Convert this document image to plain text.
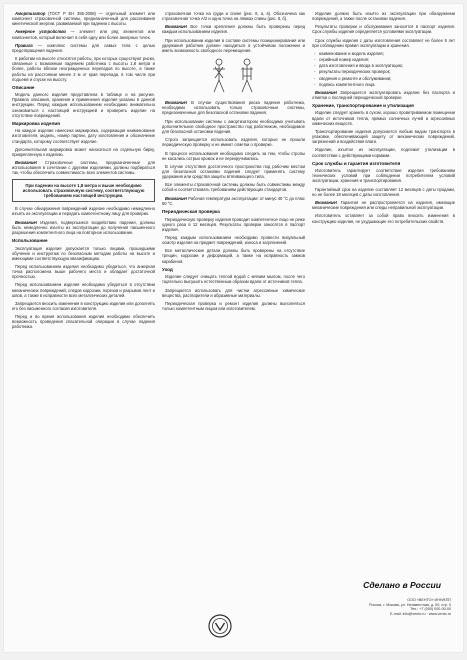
Амортизатор (ГОСТ Р ЕН 355-2008) — отдельный элемент или компонент страховочной системы, предназначенный для рассеивания кинетической энергии, развиваемой при падении с высоты.

Анкерное устройство — элемент или ряд элементов или компонентов, который включает в себя одну или более анкерных точек.

Правила — комплекс системы для самых тела с целью предотвращения падения.

К работам на высоте относятся работы, при которых существуют риски, связанные с возможным падением работника с высоты 1,8 метра и более, работы вблизи неогражденных перепадов по высоте, а также работы на расстоянии менее 2 м от края перепада, в том числе при подъеме и спуске на высоту.

Описание

Модель данного изделия представлена в таблице и на рисунке. Правила описания, хранения и применения изделия указаны в данной инструкции. Перед каждым использованием необходимо внимательно ознакомиться с настоящей инструкцией и проверить изделие на отсутствие повреждений.

Маркировка изделия

На каждое изделие нанесена маркировка, содержащая наименование изготовителя, модель, номер партии, дату изготовления и обозначение стандарта, которому соответствует изделие.

Дополнительная маркировка может наноситься на отдельную бирку, прикрепленную к изделию.

Внимание! Страховочные системы, предназначенные для использования в сочетании с другими изделиями, должны подбираться так, чтобы обеспечить совместимость всех элементов системы.

При падении на высоте 1,8 метра и выше необходимо использовать страховочную систему, соответствующую требованиям настоящей инструкции.

В случае обнаружения повреждений изделие необходимо немедленно изъять из эксплуатации и передать компетентному лицу для проверки.

Внимание! Изделия, подвергшиеся воздействию падения, должны быть немедленно изъяты из эксплуатации до получения письменного разрешения компетентного лица на повторное использование.

Использование

Эксплуатация изделия допускается только лицами, прошедшими обучение и инструктаж по безопасным методам работы на высоте и имеющими соответствующую квалификацию.

Перед использованием изделия необходимо убедиться, что анкерная точка расположена выше рабочего места и обладает достаточной прочностью.

Перед использованием изделия необходимо убедиться в отсутствии механических повреждений, следов коррозии, порезов и разрывов лент и швов, а также в исправности всех металлических деталей.

Запрещается вносить изменения в конструкцию изделия или дополнять его без письменного согласия изготовителя.

Перед и во время использования изделия необходимо обеспечить возможность проведения спасательной операции в случае падения работника.

страховочная точка на груди и спине (рис. 6, а, в). Обозначена как страховочная точка А/2 и одна точка на лямках спины (рис. 6, б).

Внимание! Все точки крепления должны быть проверены перед каждым использованием изделия.

При использовании изделия в составе системы позиционирования или удержания работник должен находиться в устойчивом положении и иметь возможность свободного перемещения.

Внимание! В случае существования риска падения работника, необходимо использовать только страховочные системы, предназначенные для безопасной остановки падения.

При использовании системы с амортизатором необходимо учитывать дополнительное свободное пространство под работником, необходимое для безопасной остановки падения.

Строго запрещается использовать изделия, которые не прошли периодическую проверку и не имеют отметки о проверке.

В процессе использования необходимо следить за тем, чтобы стропы не касались острых кромок и не перекручивались.

В случае отсутствия достаточного пространства под рабочим местом для безопасной остановки падения следует применять систему удержания или средства защиты втягивающего типа.

Все элементы страховочной системы должны быть совместимы между собой и соответствовать требованиям действующих стандартов.

Внимание! Рабочая температура эксплуатации: от минус 40 °С до плюс 50 °С.

Периодическая проверка

Периодическую проверку изделия проводит компетентное лицо не реже одного раза в 12 месяцев. Результаты проверки заносятся в паспорт изделия.

Перед каждым использованием необходимо провести визуальный осмотр изделия на предмет повреждений, износа и загрязнений.

Все металлические детали должны быть проверены на отсутствие трещин, коррозии и деформаций, а также на исправность замков карабинов.

Уход

Изделие следует очищать теплой водой с мягким мылом, после чего тщательно высушить естественным образом вдали от источников тепла.

Запрещается использовать для чистки агрессивные химические вещества, растворители и абразивные материалы.

Периодическая проверка и ремонт изделия должны выполняться только компетентным лицом или изготовителем.

Изделие должно быть изъято из эксплуатации при обнаружении повреждений, а также после остановки падения.

Результаты проверки и обслуживания заносятся в паспорт изделия. Срок службы изделия определяется условиями эксплуатации.

Срок службы изделия с даты изготовления составляет не более 5 лет при соблюдении правил эксплуатации и хранения.

- наименование и модель изделия;
- серийный номер изделия;
- дата изготовления и ввода в эксплуатацию;
- результаты периодических проверок;
- сведения о ремонте и обслуживании;
- подпись компетентного лица.

Внимание! Запрещается эксплуатировать изделие без паспорта и отметки о последней периодической проверке.

Хранение, транспортирование и утилизация

Изделие следует хранить в сухом, хорошо проветриваемом помещении вдали от источников тепла, прямых солнечных лучей и агрессивных химических веществ.

Транспортирование изделия допускается любым видом транспорта в упаковке, обеспечивающей защиту от механических повреждений, загрязнений и воздействия влаги.

Изделие, изъятое из эксплуатации, подлежит утилизации в соответствии с действующими нормами.

Срок службы и гарантия изготовителя

Изготовитель гарантирует соответствие изделия требованиям технических условий при соблюдении потребителем условий эксплуатации, хранения и транспортирования.

Гарантийный срок на изделие составляет 12 месяцев с даты продажи, но не более 18 месяцев с даты изготовления.

Внимание! Гарантия не распространяется на изделия, имеющие механические повреждения или следы неправильной эксплуатации.

Изготовитель оставляет за собой право вносить изменения в конструкцию изделия, не ухудшающие его потребительских свойств.

Сделано в России
ООО «ВЕНТО» ИНН/КПП
Россия, г. Москва, ул. Неизвестная, д. 00, стр. 0
Тел.: +7 (000) 000-00-00
E-mail: info@vento.ru · www.vento.ru
